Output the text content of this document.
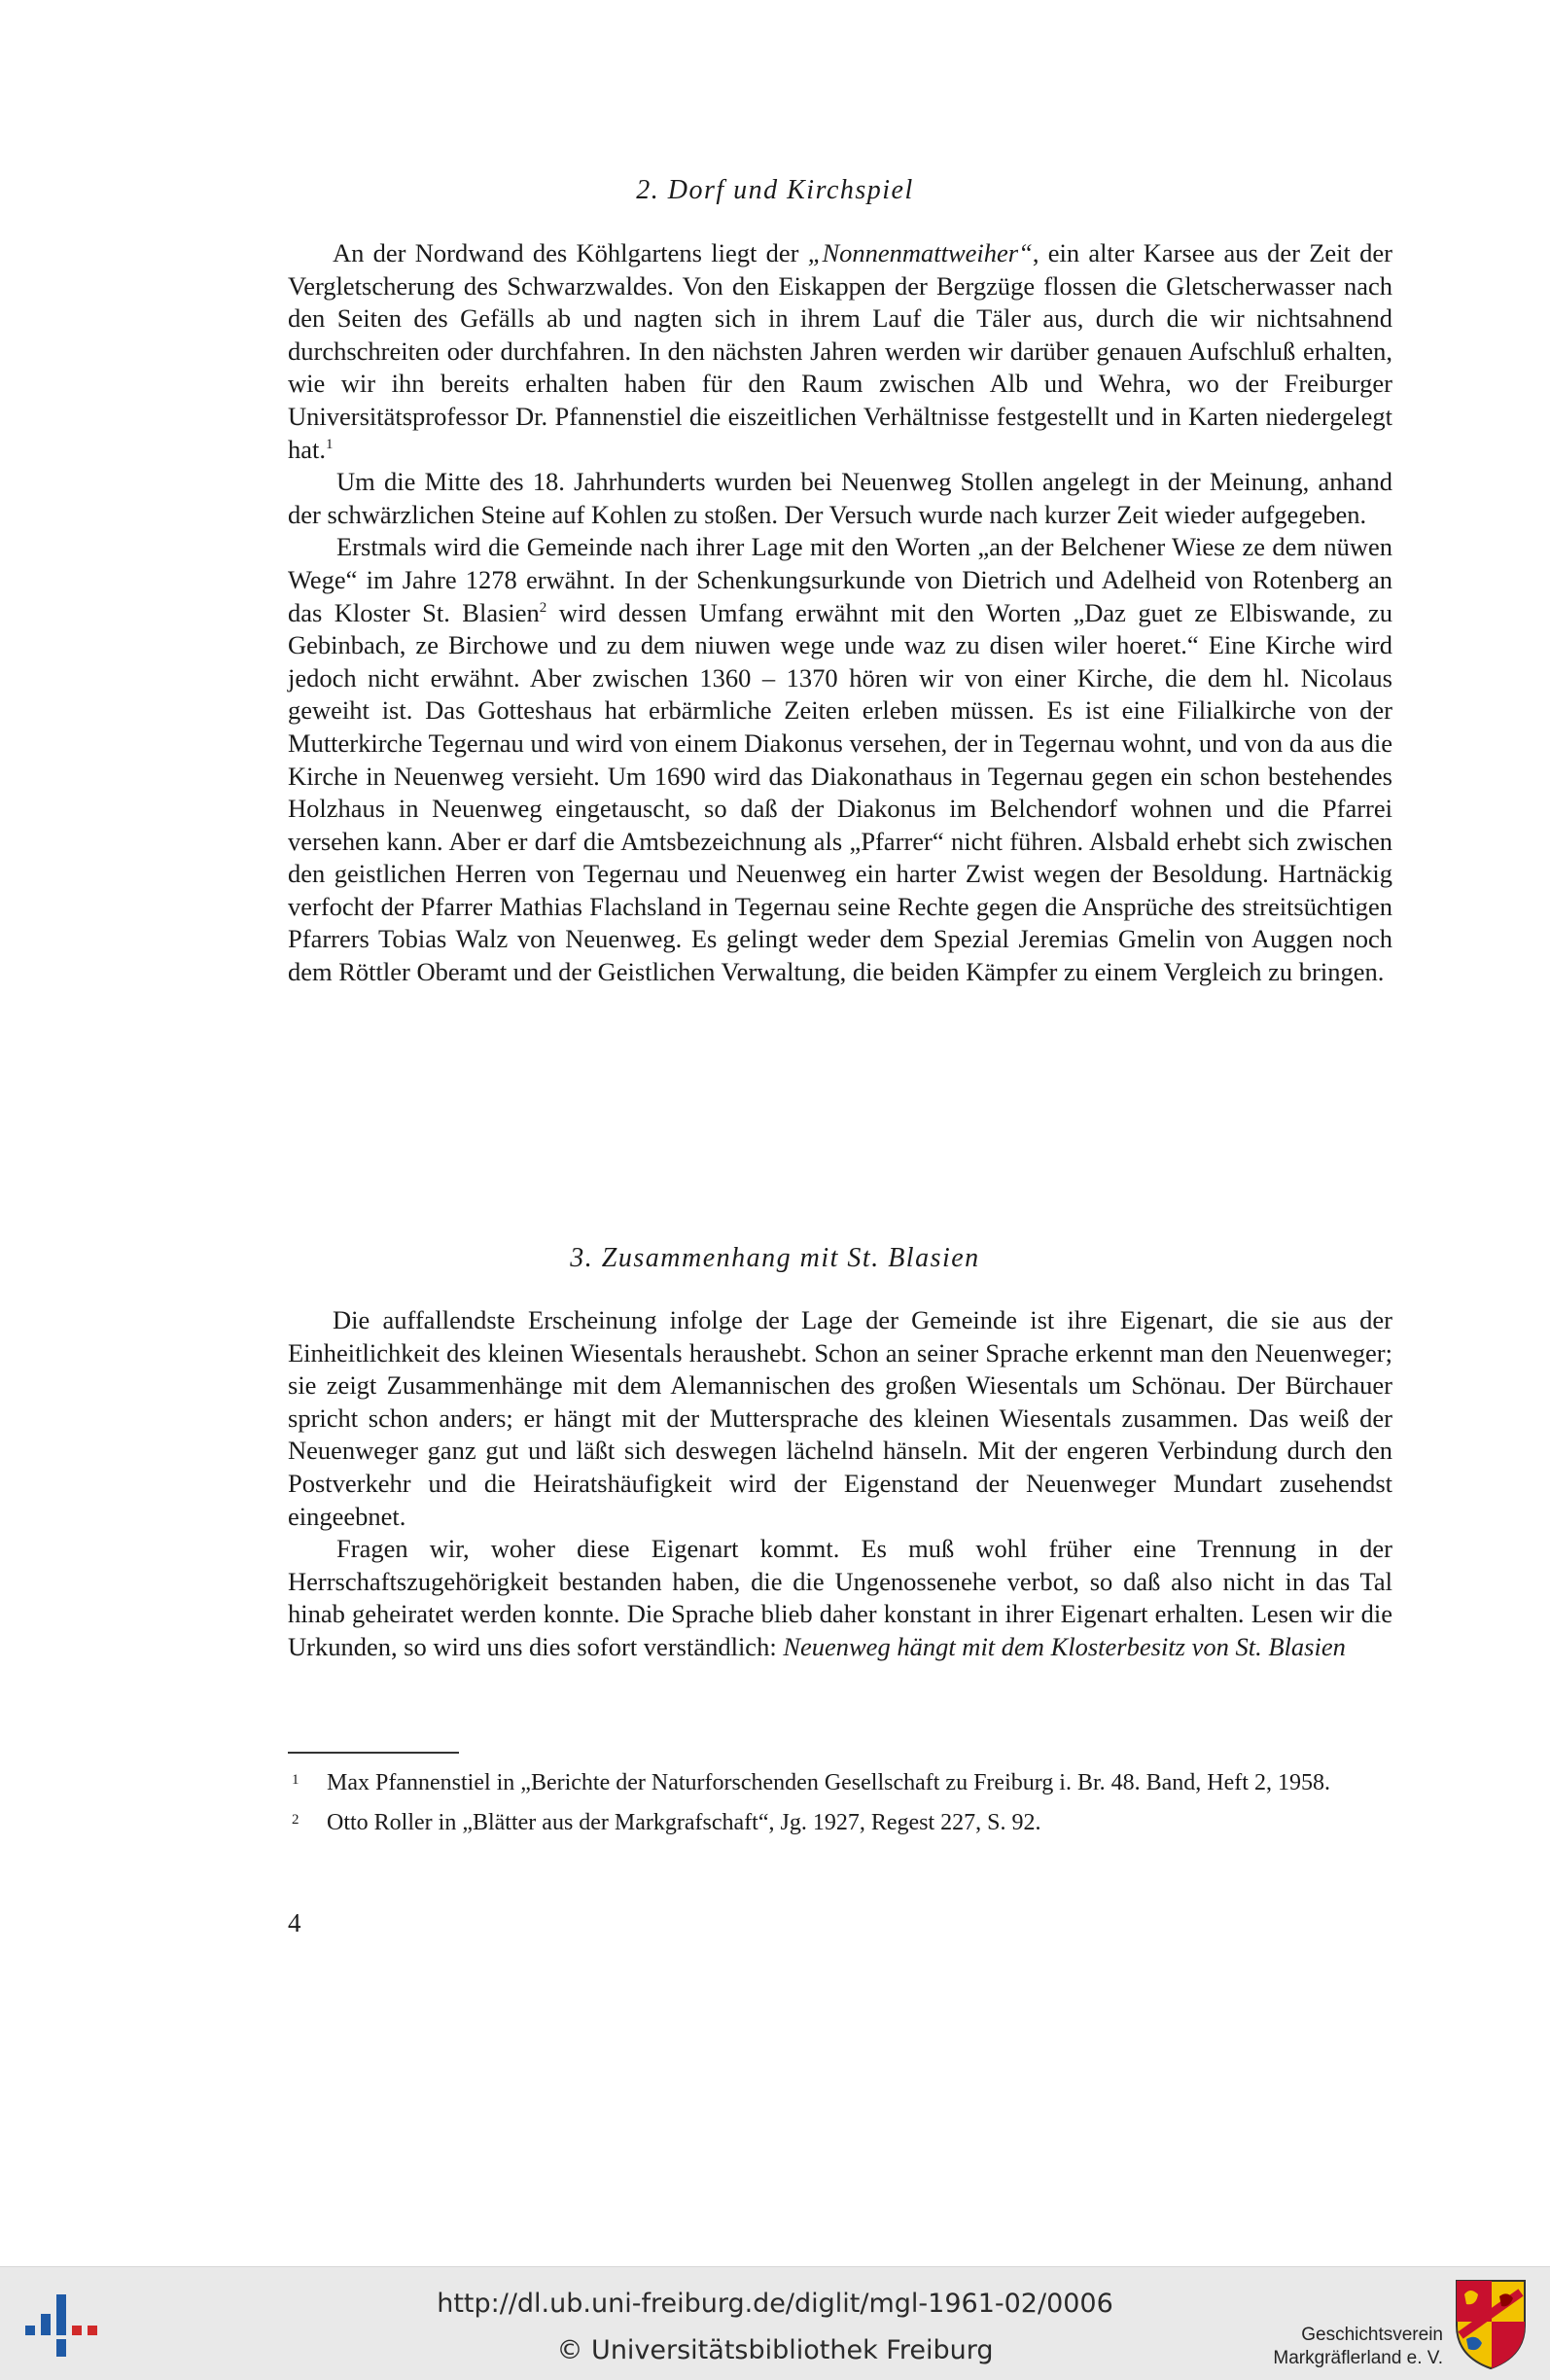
2. Dorf und Kirchspiel

An der Nordwand des Köhlgartens liegt der „Nonnenmattweiher“, ein alter Karsee aus der Zeit der Vergletscherung des Schwarzwaldes. Von den Eiskappen der Bergzüge flossen die Gletscherwasser nach den Seiten des Gefälls ab und nagten sich in ihrem Lauf die Täler aus, durch die wir nichtsahnend durchschreiten oder durchfahren. In den nächsten Jahren werden wir darüber genauen Aufschluß erhalten, wie wir ihn bereits erhalten haben für den Raum zwischen Alb und Wehra, wo der Freiburger Universitätsprofessor Dr. Pfannenstiel die eiszeitlichen Verhältnisse festgestellt und in Karten niedergelegt hat.$^1$

Um die Mitte des 18. Jahrhunderts wurden bei Neuenweg Stollen angelegt in der Meinung, anhand der schwärzlichen Steine auf Kohlen zu stoßen. Der Versuch wurde nach kurzer Zeit wieder aufgegeben.

Erstmals wird die Gemeinde nach ihrer Lage mit den Worten „an der Belchener Wiese ze dem nüwen Wege“ im Jahre 1278 erwähnt. In der Schenkungsurkunde von Dietrich und Adelheid von Rotenberg an das Kloster St. Blasien$^2$ wird dessen Umfang erwähnt mit den Worten „Daz guet ze Elbiswande, zu Gebinbach, ze Birchowe und zu dem niuwen wege unde waz zu disen wiler hoeret.“ Eine Kirche wird jedoch nicht erwähnt. Aber zwischen 1360 – 1370 hören wir von einer Kirche, die dem hl. Nicolaus geweiht ist. Das Gotteshaus hat erbärmliche Zeiten erleben müssen. Es ist eine Filialkirche von der Mutterkirche Tegernau und wird von einem Diakonus versehen, der in Tegernau wohnt, und von da aus die Kirche in Neuenweg versieht. Um 1690 wird das Diakonathaus in Tegernau gegen ein schon bestehendes Holzhaus in Neuenweg eingetauscht, so daß der Diakonus im Belchendorf wohnen und die Pfarrei versehen kann. Aber er darf die Amtsbezeichnung als „Pfarrer“ nicht führen. Alsbald erhebt sich zwischen den geistlichen Herren von Tegernau und Neuenweg ein harter Zwist wegen der Besoldung. Hartnäckig verfocht der Pfarrer Mathias Flachsland in Tegernau seine Rechte gegen die Ansprüche des streitsüchtigen Pfarrers Tobias Walz von Neuenweg. Es gelingt weder dem Spezial Jeremias Gmelin von Auggen noch dem Röttler Oberamt und der Geistlichen Verwaltung, die beiden Kämpfer zu einem Vergleich zu bringen.

3. Zusammenhang mit St. Blasien

Die auffallendste Erscheinung infolge der Lage der Gemeinde ist ihre Eigenart, die sie aus der Einheitlichkeit des kleinen Wiesentals heraushebt. Schon an seiner Sprache erkennt man den Neuenweger; sie zeigt Zusammenhänge mit dem Alemannischen des großen Wiesentals um Schönau. Der Bürchauer spricht schon anders; er hängt mit der Muttersprache des kleinen Wiesentals zusammen. Das weiß der Neuenweger ganz gut und läßt sich deswegen lächelnd hänseln. Mit der engeren Verbindung durch den Postverkehr und die Heiratshäufigkeit wird der Eigenstand der Neuenweger Mundart zusehendst eingeebnet.

Fragen wir, woher diese Eigenart kommt. Es muß wohl früher eine Trennung in der Herrschaftszugehörigkeit bestanden haben, die die Ungenossenehe verbot, so daß also nicht in das Tal hinab geheiratet werden konnte. Die Sprache blieb daher konstant in ihrer Eigenart erhalten. Lesen wir die Urkunden, so wird uns dies sofort verständlich: Neuenweg hängt mit dem Klosterbesitz von St. Blasien

1 Max Pfannenstiel in „Berichte der Naturforschenden Gesellschaft zu Freiburg i. Br. 48. Band, Heft 2, 1958.
2 Otto Roller in „Blätter aus der Markgrafschaft“, Jg. 1927, Regest 227, S. 92.
4
http://dl.ub.uni-freiburg.de/diglit/mgl-1961-02/0006
© Universitätsbibliothek Freiburg
Geschichtsverein
Markgräflerland e. V.
